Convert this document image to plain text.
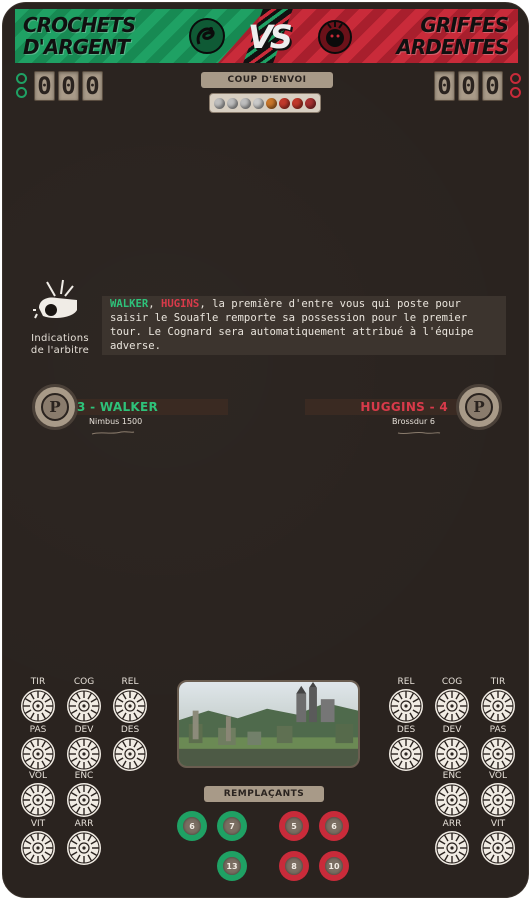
CROCHETS
D'ARGENT	VS	GRIFFES
ARDENTES
0 0 0	0 0 0
COUP D'ENVOI
Indications
de l'arbitre
WALKER, HUGINS, la première d'entre vous qui poste pour saisir le Souafle remporte sa possession pour le premier tour. Le Cognard sera automatiquement attribué à l'équipe adverse.
P	3 - WALKER
Nimbus 1500
HUGGINS - 4	P
Brossdur 6
TIR	COG	REL
PAS	DEV	DES
VOL	ENC
VIT	ARR
REL	COG	TIR
DES	DEV	PAS
ENC	VOL
ARR	VIT
REMPLAÇANTS
6	7
13
5	6
8	10
